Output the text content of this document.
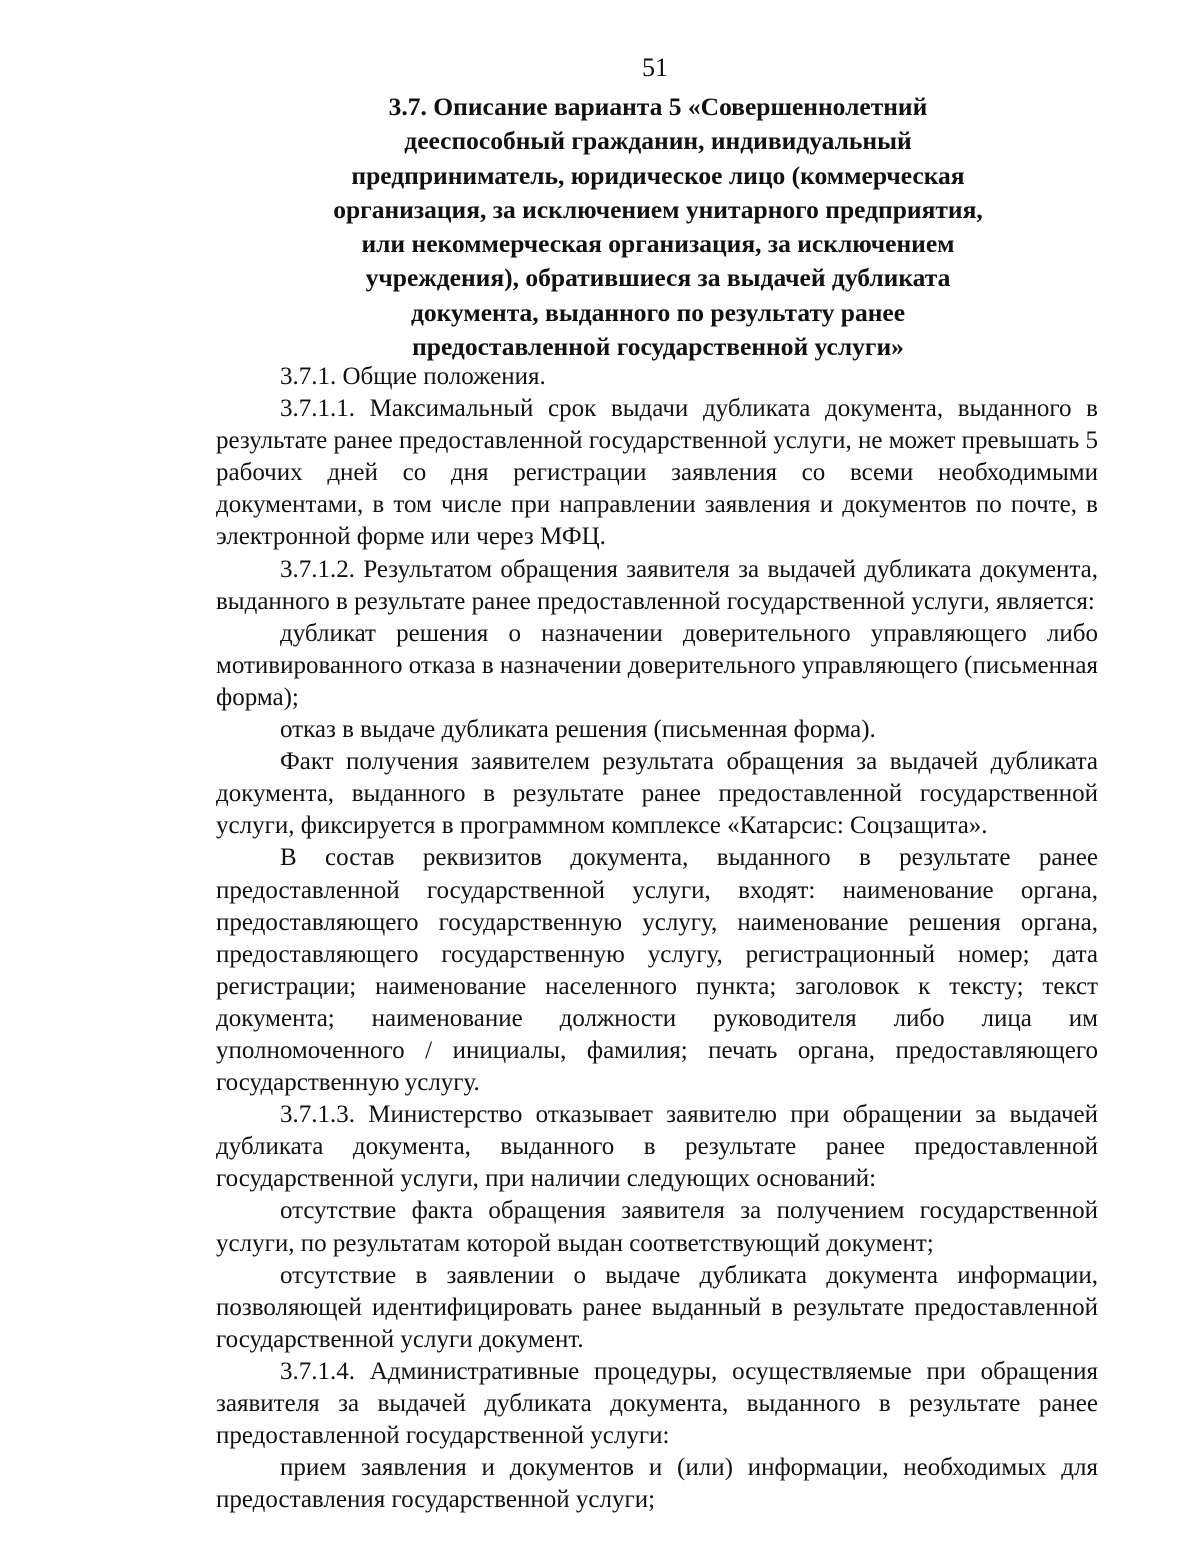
51
3.7. Описание варианта 5 «Совершеннолетний
дееспособный гражданин, индивидуальный
предприниматель, юридическое лицо (коммерческая
организация, за исключением унитарного предприятия,
или некоммерческая организация, за исключением
учреждения), обратившиеся за выдачей дубликата
документа, выданного по результату ранее
предоставленной государственной услуги»

3.7.1. Общие положения.

3.7.1.1. Максимальный срок выдачи дубликата документа, выданного в результате ранее предоставленной государственной услуги, не может превышать 5 рабочих дней со дня регистрации заявления со всеми необходимыми документами, в том числе при направлении заявления и документов по почте, в электронной форме или через МФЦ.

3.7.1.2. Результатом обращения заявителя за выдачей дубликата документа, выданного в результате ранее предоставленной государственной услуги, является:

дубликат решения о назначении доверительного управляющего либо мотивированного отказа в назначении доверительного управляющего (письменная форма);

отказ в выдаче дубликата решения (письменная форма).

Факт получения заявителем результата обращения за выдачей дубликата документа, выданного в результате ранее предоставленной государственной услуги, фиксируется в программном комплексе «Катарсис: Соцзащита».

В состав реквизитов документа, выданного в результате ранее предоставленной государственной услуги, входят: наименование органа, предоставляющего государственную услугу, наименование решения органа, предоставляющего государственную услугу, регистрационный номер; дата регистрации; наименование населенного пункта; заголовок к тексту; текст документа; наименование должности руководителя либо лица им уполномоченного / инициалы, фамилия; печать органа, предоставляющего государственную услугу.

3.7.1.3. Министерство отказывает заявителю при обращении за выдачей дубликата документа, выданного в результате ранее предоставленной государственной услуги, при наличии следующих оснований:

отсутствие факта обращения заявителя за получением государственной услуги, по результатам которой выдан соответствующий документ;

отсутствие в заявлении о выдаче дубликата документа информации, позволяющей идентифицировать ранее выданный в результате предоставленной государственной услуги документ.

3.7.1.4. Административные процедуры, осуществляемые при обращения заявителя за выдачей дубликата документа, выданного в результате ранее предоставленной государственной услуги:

прием заявления и документов и (или) информации, необходимых для предоставления государственной услуги;
